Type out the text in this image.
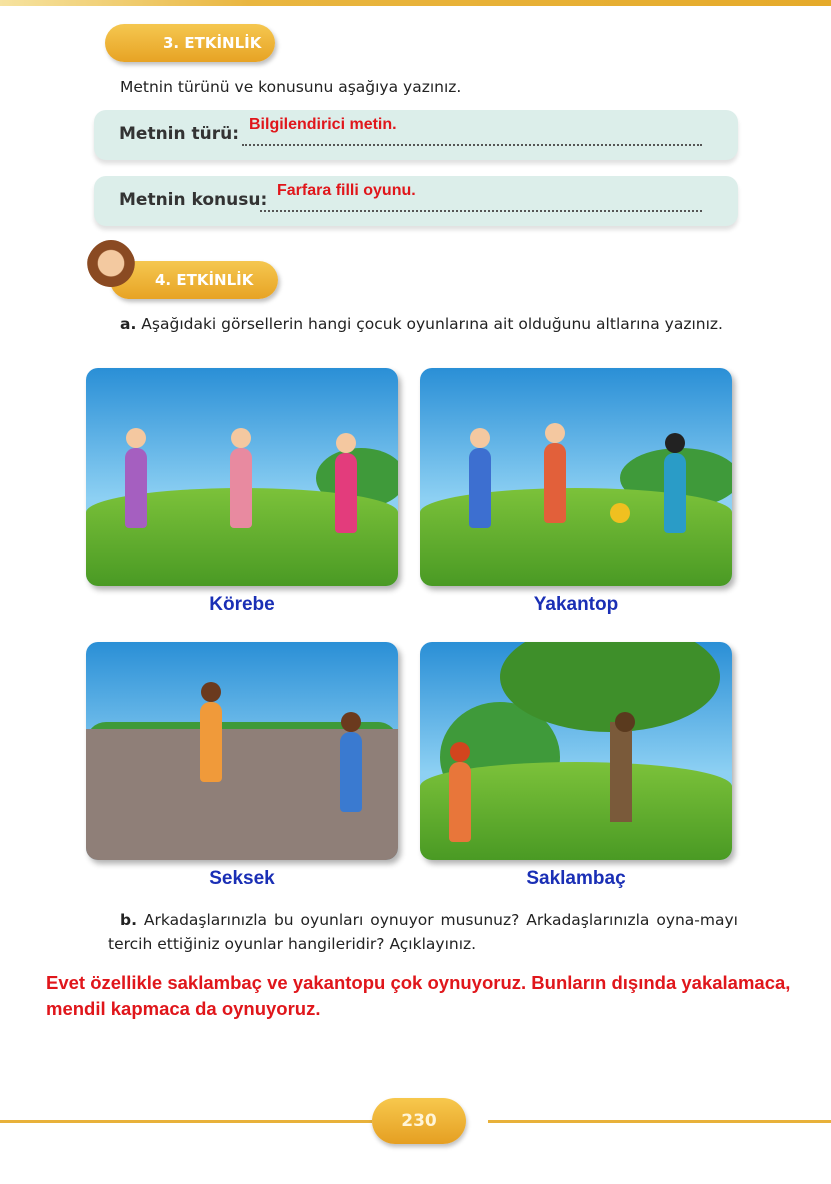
3. ETKİNLİK
Metnin türünü ve konusunu aşağıya yazınız.
Metnin türü: Bilgilendirici metin.
Metnin konusu: Farfara filli oyunu.
4. ETKİNLİK
a. Aşağıdaki görsellerin hangi çocuk oyunlarına ait olduğunu altlarına yazınız.
Körebe	Yakantop
Seksek	Saklambaç
b. Arkadaşlarınızla bu oyunları oynuyor musunuz? Arkadaşlarınızla oyna-mayı tercih ettiğiniz oyunlar hangileridir? Açıklayınız.
Evet özellikle saklambaç ve yakantopu çok oynuyoruz. Bunların dışında yakalamaca, mendil kapmaca da oynuyoruz.
230
